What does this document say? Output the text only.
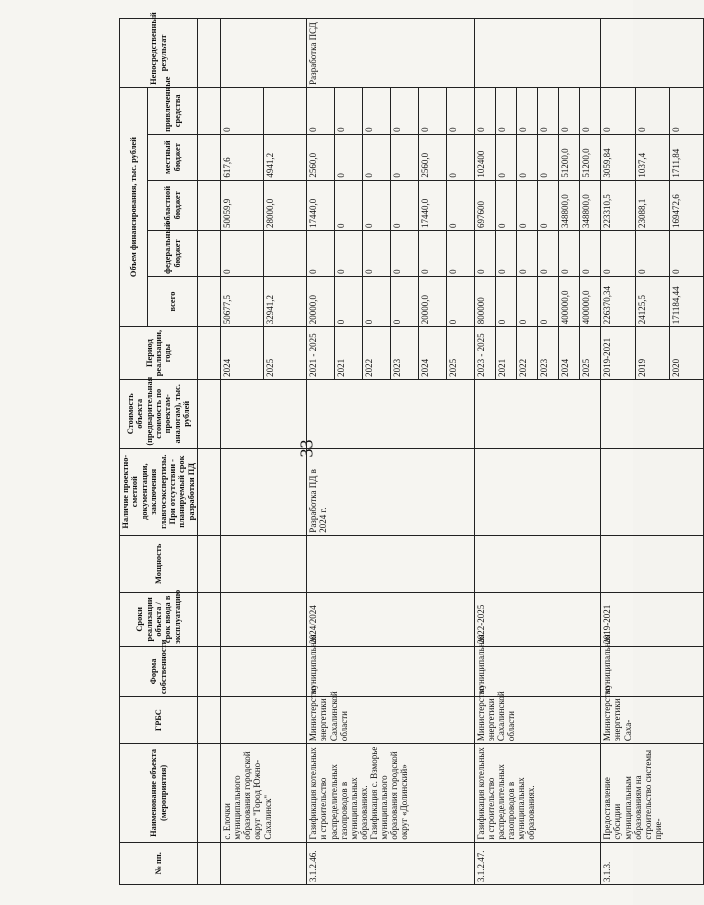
33
№ пп.	Наименование объекта (мероприятия)	ГРБС	Форма собственности	Сроки реализации объекта / срок ввода в эксплуатацию	Мощность	Наличие проектно-сметной документации, заключения главгосэкспертизы. При отсутствии - планируемый срок разработки ПД	Стоимость объекта (предварительная стоимость по проектам-аналогам), тыс. рублей	Период реализации, годы	Объем финансирования, тыс. рублей					Непосредственный результат
									всего	федеральный бюджет	областной бюджет	местный бюджет	привлеченные средства	

	с. Елочки муниципального образования городской округ "Город Южно-Сахалинск"							2024	50677,5	0	50059,9	617,6	0	
								2025	32941,2		28000,0	4941,2		
3.1.2.46.	Газификация котельных и строительство распределительных газопроводов в муниципальных образованиях. Газификация с. Взморье муниципального образования городской округ «Долинский»	Министерство энергетики Сахалинской области	муниципальная	2024/2024		Разработка ПД в 2024 г.		2021 - 2025	20000,0	0	17440,0	2560,0	0	Разработка ПСД
								2021	0	0	0	0	0	
								2022	0	0	0	0	0	
								2023	0	0	0	0	0	
								2024	20000,0	0	17440,0	2560,0	0	
								2025	0	0	0	0	0	
3.1.2.47.	Газификация котельных и строительство распределительных газопроводов в муниципальных образованиях.	Министерство энергетики Сахалинской области	муниципальная	2022-2025				2023 - 2025	800000	0	697600	102400	0	
								2021	0	0	0	0	0	
								2022	0	0	0	0	0	
								2023	0	0	0	0	0	
								2024	400000,0	0	348800,0	51200,0	0	
								2025	400000,0	0	348800,0	51200,0	0	
3.1.3.	Предоставление субсидии муниципальным образованиям на строительство системы прие-	Министерство энергетики Саха-	муниципальная	2019-2021				2019-2021	226370,34	0	223310,5	3059,84	0	
								2019	24125,5	0	23088,1	1037,4	0	
								2020	171184,44	0	169472,6	1711,84	0	
